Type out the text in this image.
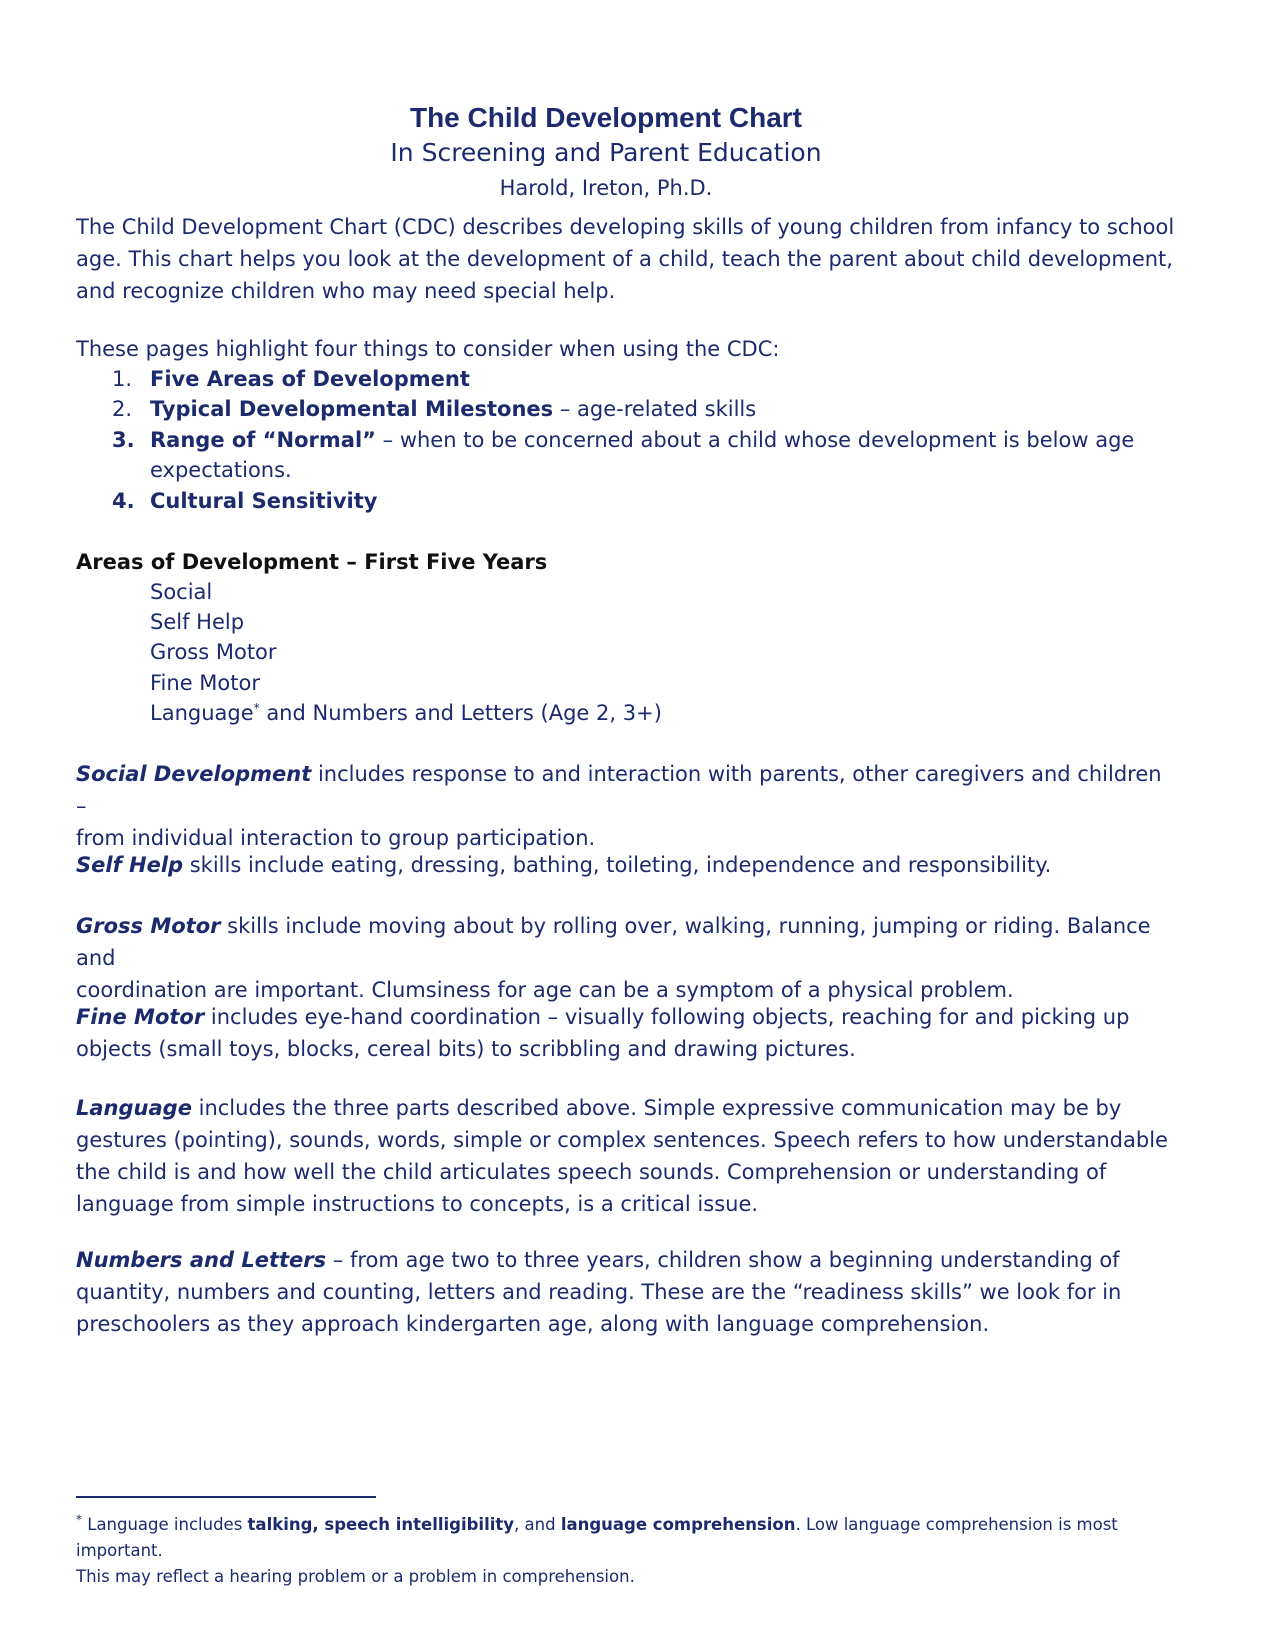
The Child Development Chart
In Screening and Parent Education
Harold, Ireton, Ph.D.
The Child Development Chart (CDC) describes developing skills of young children from infancy to school
age. This chart helps you look at the development of a child, teach the parent about child development,
and recognize children who may need special help.
These pages highlight four things to consider when using the CDC:
1. Five Areas of Development
2. Typical Developmental Milestones – age-related skills
3. Range of “Normal” – when to be concerned about a child whose development is below age
expectations.
4. Cultural Sensitivity
Areas of Development – First Five Years
Social
Self Help
Gross Motor
Fine Motor
Language* and Numbers and Letters (Age 2, 3+)
Social Development includes response to and interaction with parents, other caregivers and children –
from individual interaction to group participation.
Self Help skills include eating, dressing, bathing, toileting, independence and responsibility.
Gross Motor skills include moving about by rolling over, walking, running, jumping or riding. Balance and
coordination are important. Clumsiness for age can be a symptom of a physical problem.
Fine Motor includes eye-hand coordination – visually following objects, reaching for and picking up
objects (small toys, blocks, cereal bits) to scribbling and drawing pictures.
Language includes the three parts described above. Simple expressive communication may be by
gestures (pointing), sounds, words, simple or complex sentences. Speech refers to how understandable
the child is and how well the child articulates speech sounds. Comprehension or understanding of
language from simple instructions to concepts, is a critical issue.
Numbers and Letters – from age two to three years, children show a beginning understanding of
quantity, numbers and counting, letters and reading. These are the “readiness skills” we look for in
preschoolers as they approach kindergarten age, along with language comprehension.
* Language includes talking, speech intelligibility, and language comprehension. Low language comprehension is most important.
This may reflect a hearing problem or a problem in comprehension.
